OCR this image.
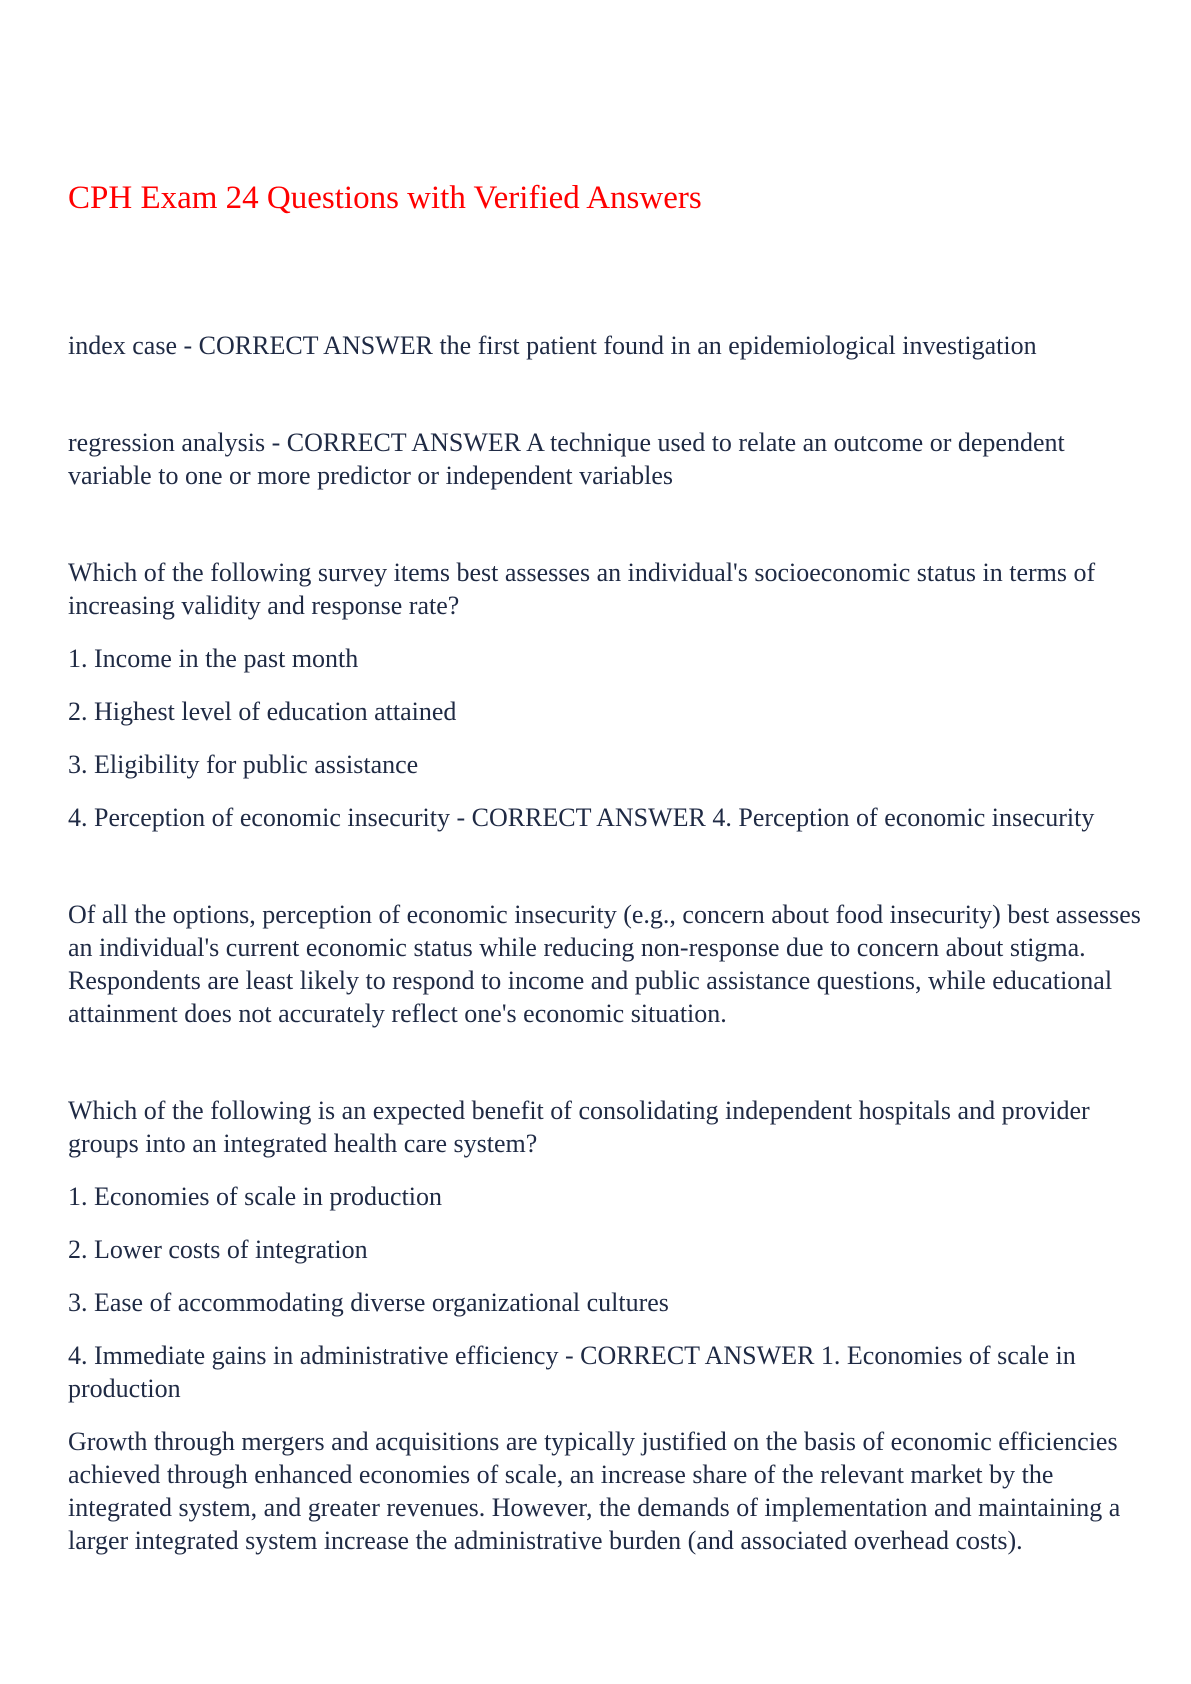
CPH Exam 24 Questions with Verified Answers

index case - CORRECT ANSWER the first patient found in an epidemiological investigation

regression analysis - CORRECT ANSWER A technique used to relate an outcome or dependent variable to one or more predictor or independent variables

Which of the following survey items best assesses an individual's socioeconomic status in terms of increasing validity and response rate?

1. Income in the past month

2. Highest level of education attained

3. Eligibility for public assistance

4. Perception of economic insecurity - CORRECT ANSWER 4. Perception of economic insecurity

Of all the options, perception of economic insecurity (e.g., concern about food insecurity) best assesses an individual's current economic status while reducing non-response due to concern about stigma. Respondents are least likely to respond to income and public assistance questions, while educational attainment does not accurately reflect one's economic situation.

Which of the following is an expected benefit of consolidating independent hospitals and provider groups into an integrated health care system?

1. Economies of scale in production

2. Lower costs of integration

3. Ease of accommodating diverse organizational cultures

4. Immediate gains in administrative efficiency - CORRECT ANSWER 1. Economies of scale in production

Growth through mergers and acquisitions are typically justified on the basis of economic efficiencies achieved through enhanced economies of scale, an increase share of the relevant market by the integrated system, and greater revenues. However, the demands of implementation and maintaining a larger integrated system increase the administrative burden (and associated overhead costs).
